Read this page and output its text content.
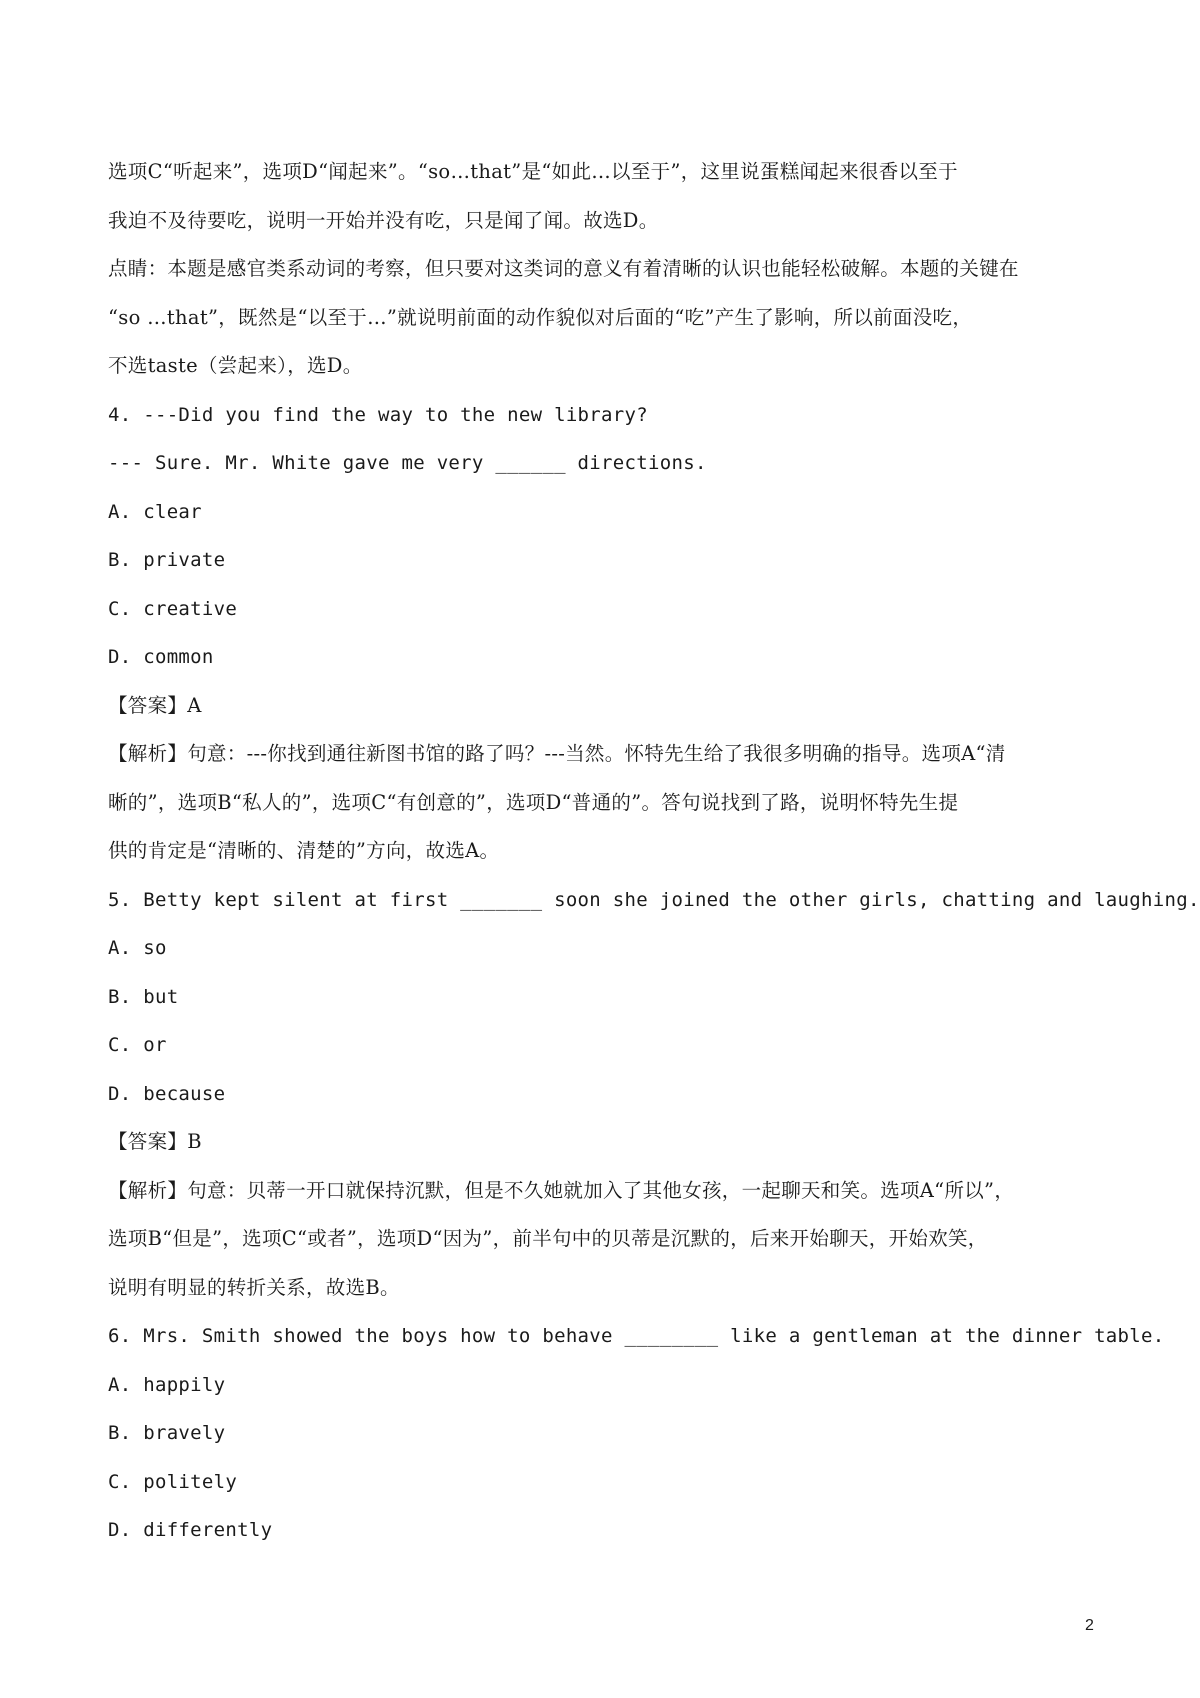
选项C“听起来”，选项D“闻起来”。“so…that”是“如此…以至于”，这里说蛋糕闻起来很香以至于
我迫不及待要吃，说明一开始并没有吃，只是闻了闻。故选D。
点睛：本题是感官类系动词的考察，但只要对这类词的意义有着清晰的认识也能轻松破解。本题的关键在
“so …that”，既然是“以至于…”就说明前面的动作貌似对后面的“吃”产生了影响，所以前面没吃，
不选taste（尝起来），选D。
4. ---Did you find the way to the new library?
--- Sure. Mr. White gave me very ______ directions.
A. clear
B. private
C. creative
D. common
【答案】A
【解析】句意：---你找到通往新图书馆的路了吗？---当然。怀特先生给了我很多明确的指导。选项A“清
晰的”，选项B“私人的”，选项C“有创意的”，选项D“普通的”。答句说找到了路，说明怀特先生提
供的肯定是“清晰的、清楚的”方向，故选A。
5. Betty kept silent at first _______ soon she joined the other girls, chatting and laughing.
A. so
B. but
C. or
D. because
【答案】B
【解析】句意：贝蒂一开口就保持沉默，但是不久她就加入了其他女孩，一起聊天和笑。选项A“所以”，
选项B“但是”，选项C“或者”，选项D“因为”，前半句中的贝蒂是沉默的，后来开始聊天，开始欢笑，
说明有明显的转折关系，故选B。
6. Mrs. Smith showed the boys how to behave ________ like a gentleman at the dinner table.
A. happily
B. bravely
C. politely
D. differently
2
